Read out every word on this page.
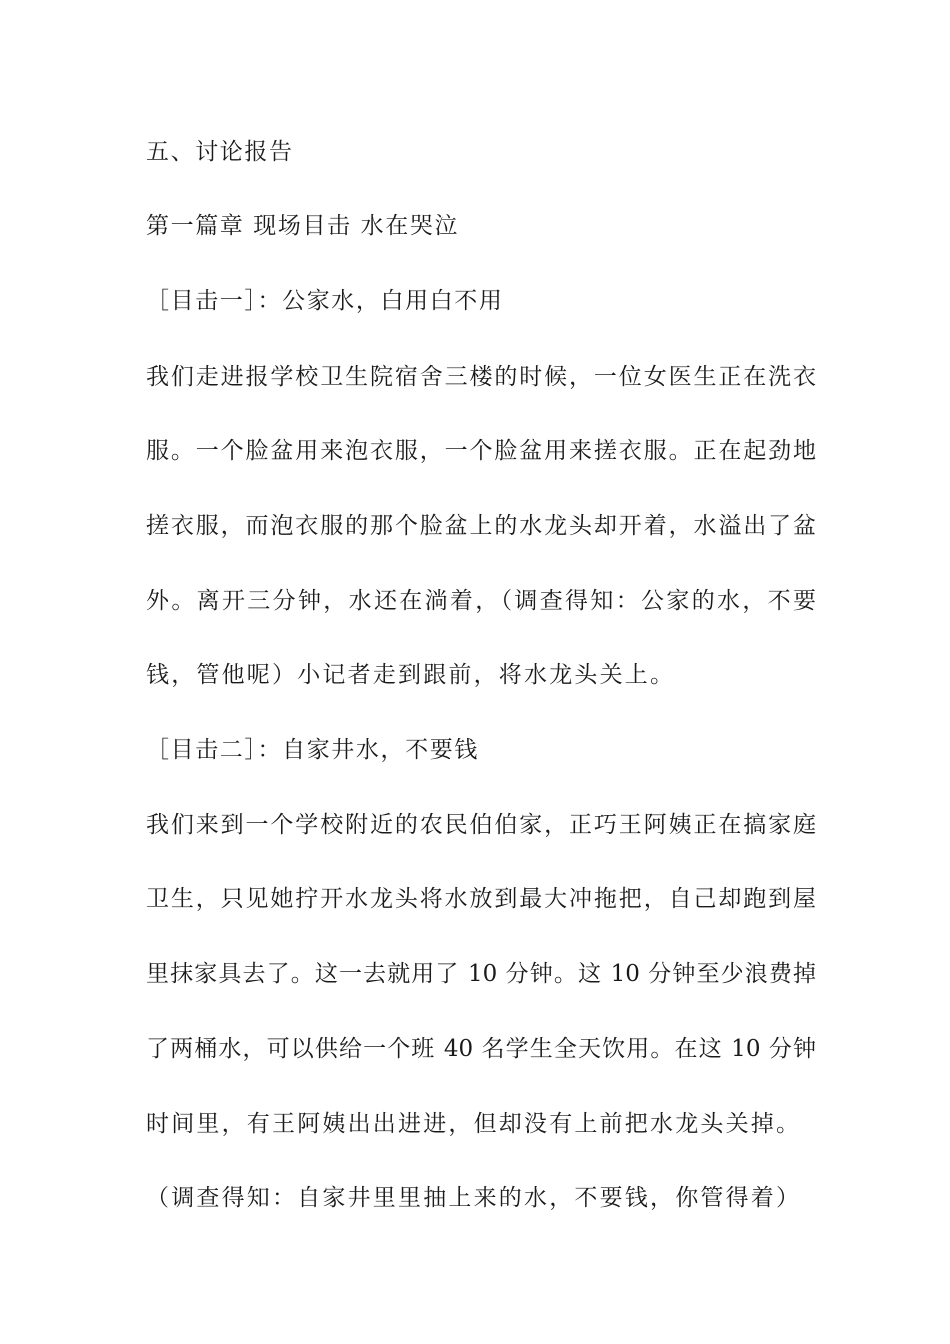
五、讨论报告
第一篇章 现场目击 水在哭泣
［目击一］：公家水，白用白不用
我们走进报学校卫生院宿舍三楼的时候，一位女医生正在洗衣
服。一个脸盆用来泡衣服，一个脸盆用来搓衣服。正在起劲地
搓衣服，而泡衣服的那个脸盆上的水龙头却开着，水溢出了盆
外。离开三分钟，水还在淌着，（调查得知：公家的水，不要
钱，管他呢）小记者走到跟前，将水龙头关上。
［目击二］：自家井水，不要钱
我们来到一个学校附近的农民伯伯家，正巧王阿姨正在搞家庭
卫生，只见她拧开水龙头将水放到最大冲拖把，自己却跑到屋
里抹家具去了。这一去就用了 10 分钟。这 10 分钟至少浪费掉
了两桶水，可以供给一个班 40 名学生全天饮用。在这 10 分钟
时间里，有王阿姨出出进进，但却没有上前把水龙头关掉。
（调查得知：自家井里里抽上来的水，不要钱，你管得着）
